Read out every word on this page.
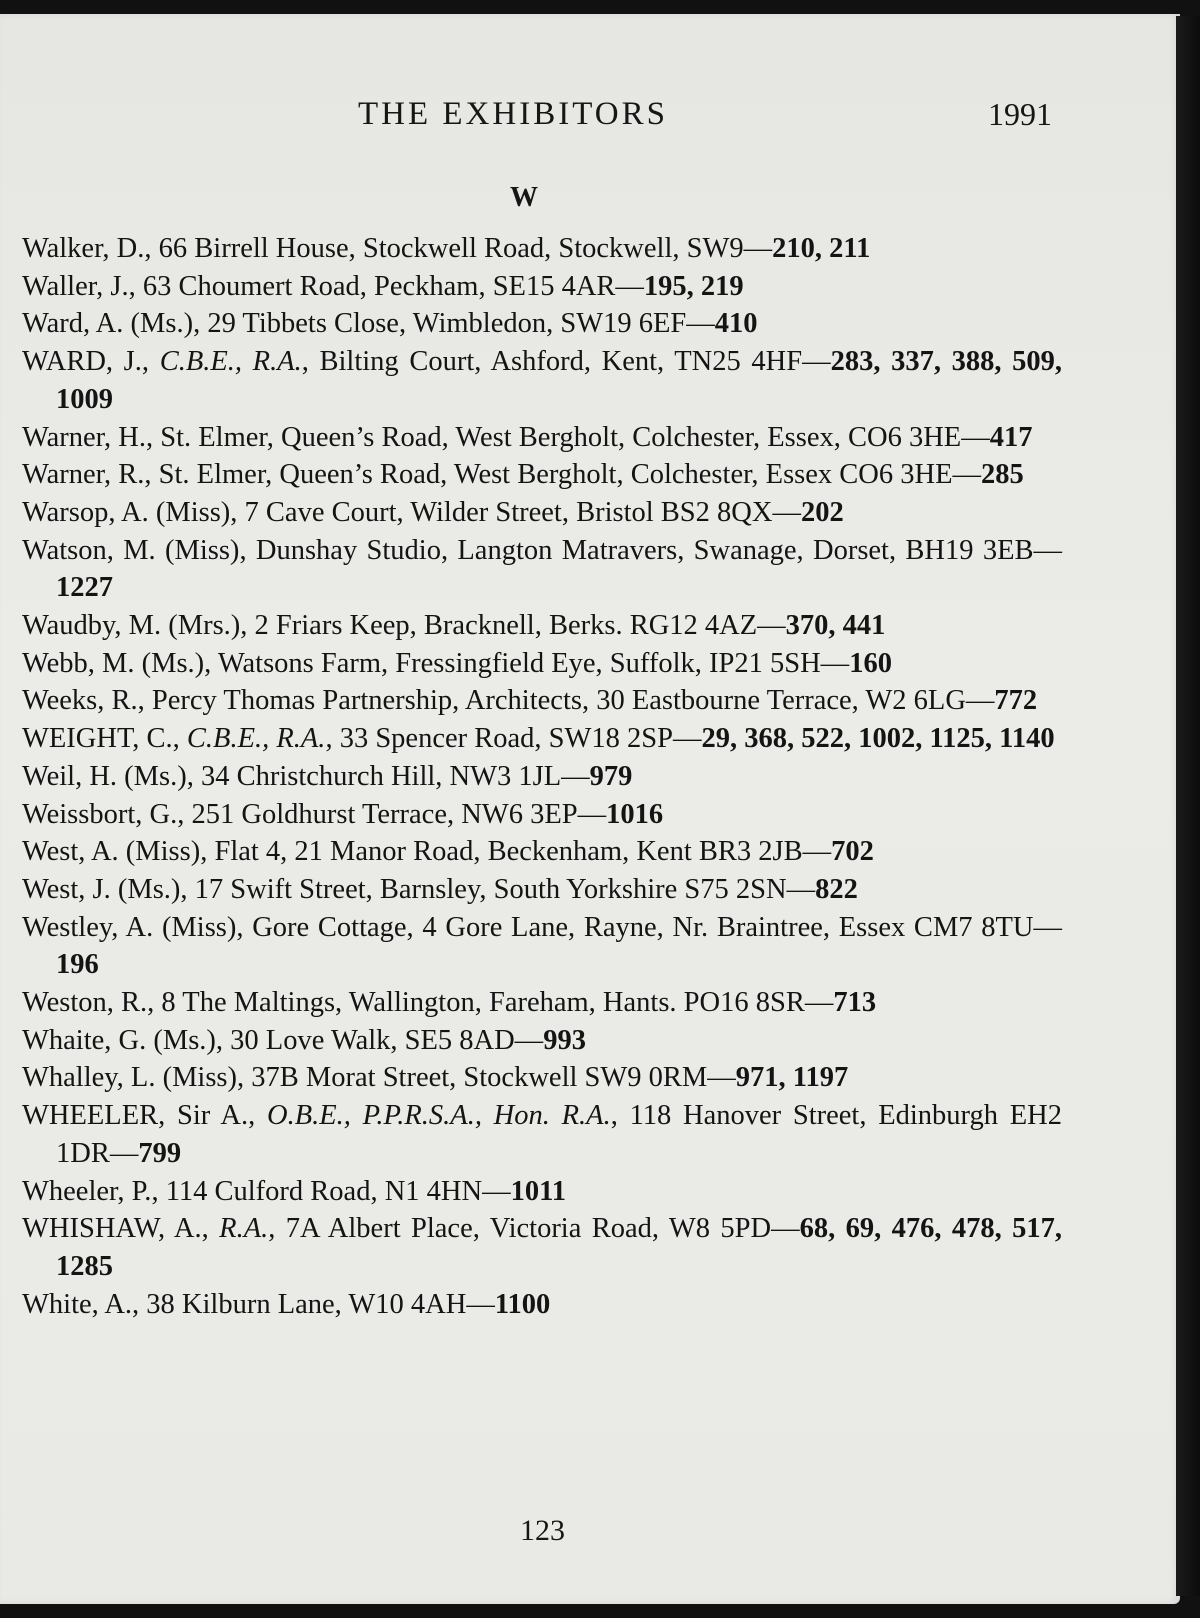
THE EXHIBITORS	1991
W
Walker, D., 66 Birrell House, Stockwell Road, Stockwell, SW9—210, 211
Waller, J., 63 Choumert Road, Peckham, SE15 4AR—195, 219
Ward, A. (Ms.), 29 Tibbets Close, Wimbledon, SW19 6EF—410
WARD, J., C.B.E., R.A., Bilting Court, Ashford, Kent, TN25 4HF—283, 337, 388, 509, 1009
Warner, H., St. Elmer, Queen’s Road, West Bergholt, Colchester, Essex, CO6 3HE—417
Warner, R., St. Elmer, Queen’s Road, West Bergholt, Colchester, Essex CO6 3HE—285
Warsop, A. (Miss), 7 Cave Court, Wilder Street, Bristol BS2 8QX—202
Watson, M. (Miss), Dunshay Studio, Langton Matravers, Swanage, Dorset, BH19 3EB—1227
Waudby, M. (Mrs.), 2 Friars Keep, Bracknell, Berks. RG12 4AZ—370, 441
Webb, M. (Ms.), Watsons Farm, Fressingfield Eye, Suffolk, IP21 5SH—160
Weeks, R., Percy Thomas Partnership, Architects, 30 Eastbourne Terrace, W2 6LG—772
WEIGHT, C., C.B.E., R.A., 33 Spencer Road, SW18 2SP—29, 368, 522, 1002, 1125, 1140
Weil, H. (Ms.), 34 Christchurch Hill, NW3 1JL—979
Weissbort, G., 251 Goldhurst Terrace, NW6 3EP—1016
West, A. (Miss), Flat 4, 21 Manor Road, Beckenham, Kent BR3 2JB—702
West, J. (Ms.), 17 Swift Street, Barnsley, South Yorkshire S75 2SN—822
Westley, A. (Miss), Gore Cottage, 4 Gore Lane, Rayne, Nr. Braintree, Essex CM7 8TU—196
Weston, R., 8 The Maltings, Wallington, Fareham, Hants. PO16 8SR—713
Whaite, G. (Ms.), 30 Love Walk, SE5 8AD—993
Whalley, L. (Miss), 37B Morat Street, Stockwell SW9 0RM—971, 1197
WHEELER, Sir A., O.B.E., P.P.R.S.A., Hon. R.A., 118 Hanover Street, Edinburgh EH2 1DR—799
Wheeler, P., 114 Culford Road, N1 4HN—1011
WHISHAW, A., R.A., 7A Albert Place, Victoria Road, W8 5PD—68, 69, 476, 478, 517, 1285
White, A., 38 Kilburn Lane, W10 4AH—1100
123
